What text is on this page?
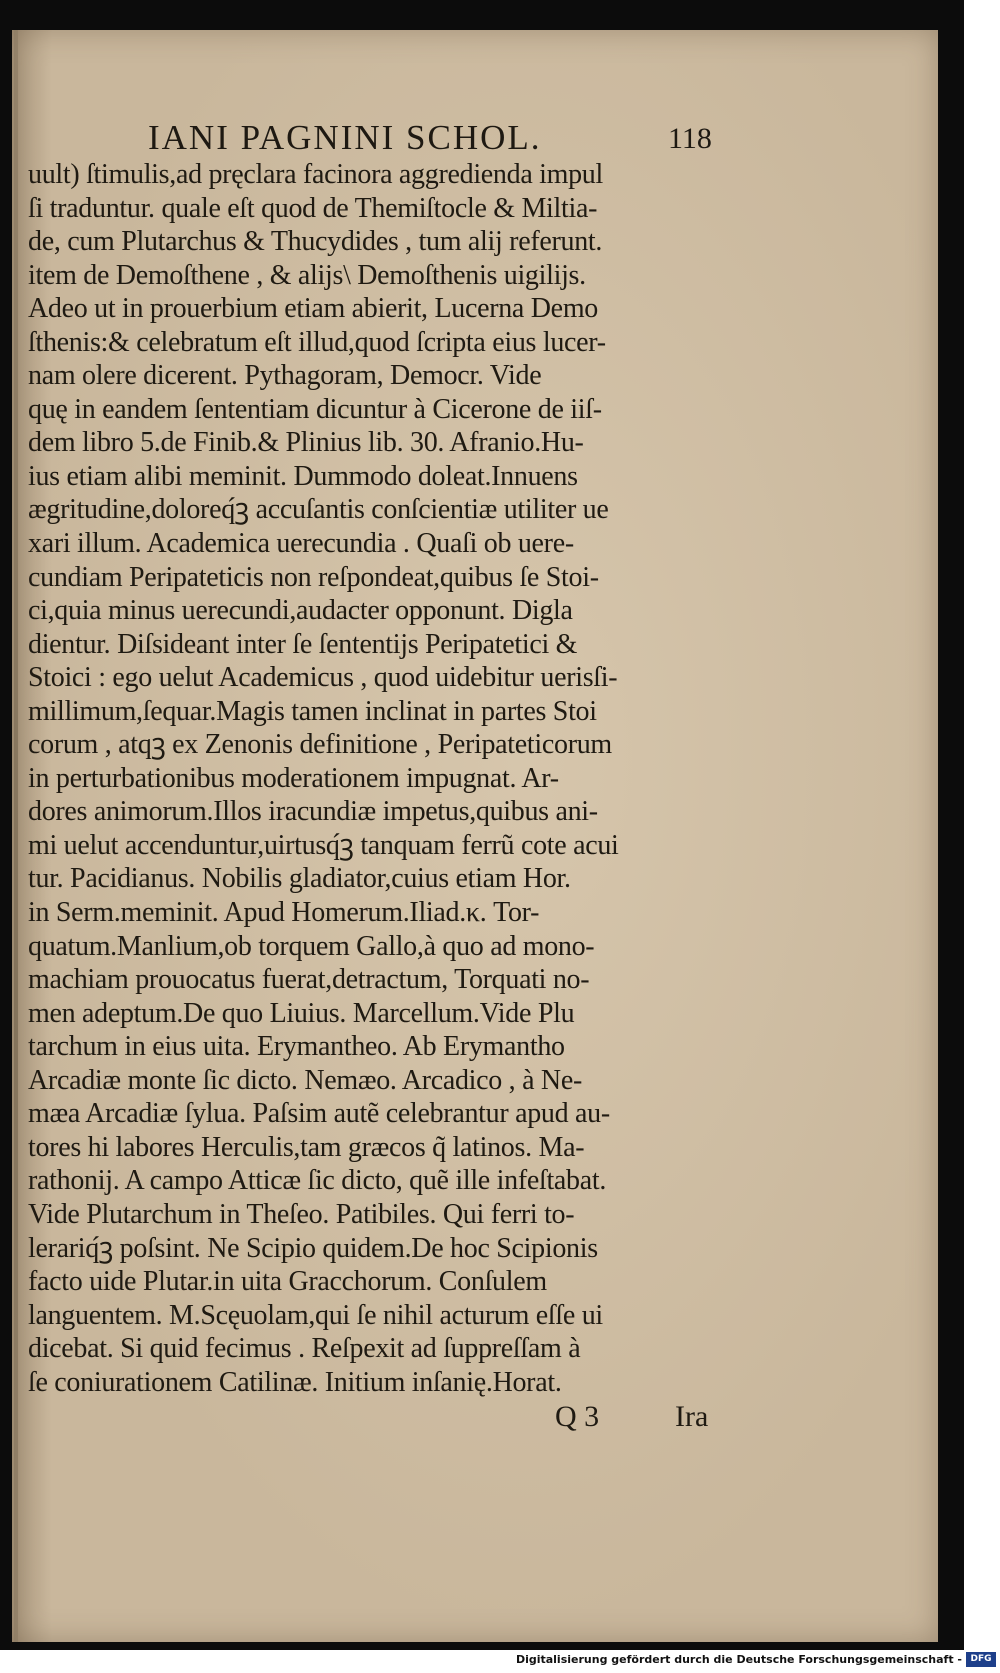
IANI PAGNINI SCHOL.	118
uult) ſtimulis,ad pręclara facinora aggredienda impul
ſi traduntur. quale eſt quod de Themiſtocle & Miltia-
de, cum Plutarchus & Thucydides , tum alij referunt.
item de Demoſthene , & alijs\ Demoſthenis uigilijs.
Adeo ut in prouerbium etiam abierit, Lucerna Demo
ſthenis:& celebratum eſt illud,quod ſcripta eius lucer-
nam olere dicerent. Pythagoram, Democr. Vide
quę in eandem ſententiam dicuntur à Cicerone de iiſ-
dem libro 5.de Finib.& Plinius lib. 30. Afranio.Hu-
ius etiam alibi meminit. Dummodo doleat.Innuens
ægritudine,doloreq́ꝫ accuſantis conſcientiæ utiliter ue
xari illum. Academica uerecundia . Quaſi ob uere-
cundiam Peripateticis non reſpondeat,quibus ſe Stoi-
ci,quia minus uerecundi,audacter opponunt. Digla
dientur. Diſsideant inter ſe ſententijs Peripatetici &
Stoici : ego uelut Academicus , quod uidebitur uerisſi-
millimum,ſequar.Magis tamen inclinat in partes Stoi
corum , atqꝫ ex Zenonis definitione , Peripateticorum
in perturbationibus moderationem impugnat. Ar-
dores animorum.Illos iracundiæ impetus,quibus ani-
mi uelut accenduntur,uirtusq́ꝫ tanquam ferrũ cote acui
tur. Pacidianus. Nobilis gladiator,cuius etiam Hor.
in Serm.meminit. Apud Homerum.Iliad.κ. Tor-
quatum.Manlium,ob torquem Gallo,à quo ad mono-
machiam prouocatus fuerat,detractum, Torquati no-
men adeptum.De quo Liuius. Marcellum.Vide Plu
tarchum in eius uita. Erymantheo. Ab Erymantho
Arcadiæ monte ſic dicto. Nemæo. Arcadico , à Ne-
mæa Arcadiæ ſylua. Paſsim autẽ celebrantur apud au-
tores hi labores Herculis,tam græcos q̃ latinos. Ma-
rathonij. A campo Atticæ ſic dicto, quẽ ille infeſtabat.
Vide Plutarchum in Theſeo. Patibiles. Qui ferri to-
lerariq́ꝫ poſsint. Ne Scipio quidem.De hoc Scipionis
facto uide Plutar.in uita Gracchorum. Conſulem
languentem. M.Scęuolam,qui ſe nihil acturum eſſe ui
dicebat. Si quid fecimus . Reſpexit ad ſuppreſſam à
ſe coniurationem Catilinæ. Initium inſanię.Horat.
Q 3	Ira
Digitalisierung gefördert durch die Deutsche Forschungsgemeinschaft - DFG
